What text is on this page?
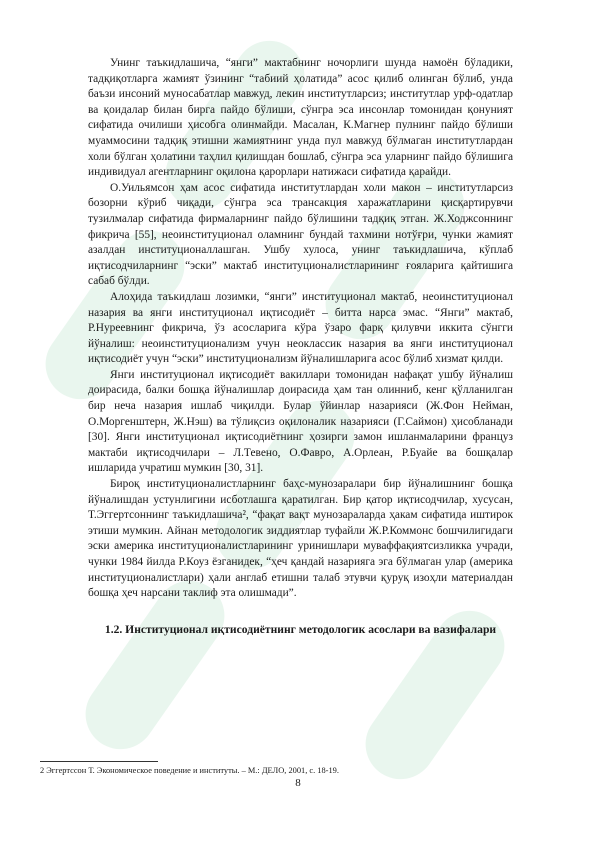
Унинг таъкидлашича, “янги” мактабнинг ночорлиги шунда намоён бўладики, тадқиқотларга жамият ўзининг “табиий ҳолатида” асос қилиб олинган бўлиб, унда баъзи инсоний муносабатлар мавжуд, лекин институтларсиз; институтлар урф-одатлар ва қоидалар билан бирга пайдо бўлиши, сўнгра эса инсонлар томонидан қонуният сифатида очилиши ҳисобга олинмайди. Масалан, К.Магнер пулнинг пайдо бўлиши муаммосини тадқиқ этишни жамиятнинг унда пул мавжуд бўлмаган институтлардан холи бўлган ҳолатини таҳлил қилишдан бошлаб, сўнгра эса уларнинг пайдо бўлишига индивидуал агентларнинг оқилона қарорлари натижаси сифатида қарайди.

О.Уильямсон ҳам асос сифатида институтлардан холи макон – институтларсиз бозорни кўриб чиқади, сўнгра эса трансакция харажатларини қисқартирувчи тузилмалар сифатида фирмаларнинг пайдо бўлишини тадқиқ этган. Ж.Ходжсоннинг фикрича [55], неоинституционал оламнинг бундай тахмини нотўғри, чунки жамият азалдан институционаллашган. Ушбу хулоса, унинг таъкидлашича, кўплаб иқтисодчиларнинг “эски” мактаб институционалистларининг ғояларига қайтишига сабаб бўлди.

Алоҳида таъкидлаш лозимки, “янги” институционал мактаб, неоинституционал назария ва янги институционал иқтисодиёт – битта нарса эмас. “Янги” мактаб, Р.Нуреевнинг фикрича, ўз асосларига кўра ўзаро фарқ қилувчи иккита сўнгги йўналиш: неоинституционализм учун неоклассик назария ва янги институционал иқтисодиёт учун “эски” институционализм йўналишларига асос бўлиб хизмат қилди.

Янги институционал иқтисодиёт вакиллари томонидан нафақат ушбу йўналиш доирасида, балки бошқа йўналишлар доирасида ҳам тан олинниб, кенг қўлланилган бир неча назария ишлаб чиқилди. Булар ўйинлар назарияси (Ж.Фон Нейман, О.Моргенштерн, Ж.Нэш) ва тўлиқсиз оқилоналик назарияси (Г.Саймон) ҳисобланади [30]. Янги институционал иқтисодиётнинг ҳозирги замон ишланмаларини француз мактаби иқтисодчилари – Л.Тевено, О.Фавро, А.Орлеан, Р.Буайе ва бошқалар ишларида учратиш мумкин [30, 31].

Бироқ институционалистларнинг баҳс-мунозаралари бир йўналишнинг бошқа йўналишдан устунлигини исботлашга қаратилган. Бир қатор иқтисодчилар, хусусан, Т.Эггертсоннинг таъкидлашича², “фақат вақт мунозараларда ҳакам сифатида иштирок этиши мумкин. Айнан методологик зиддиятлар туфайли Ж.Р.Коммонс бошчилигидаги эски америка институционалистларининг уринишлари муваффақиятсизликка учради, чунки 1984 йилда Р.Коуз ёзганидек, “ҳеч қандай назарияга эга бўлмаган улар (америка институционалистлари) ҳали англаб етишни талаб этувчи қуруқ изоҳли материалдан бошқа ҳеч нарсани таклиф эта олишмади”.

1.2. Институционал иқтисодиётнинг методологик асослари ва вазифалари

2 Эггертссон Т. Экономическое поведение и институты. – М.: ДЕЛО, 2001, с. 18-19.
8
